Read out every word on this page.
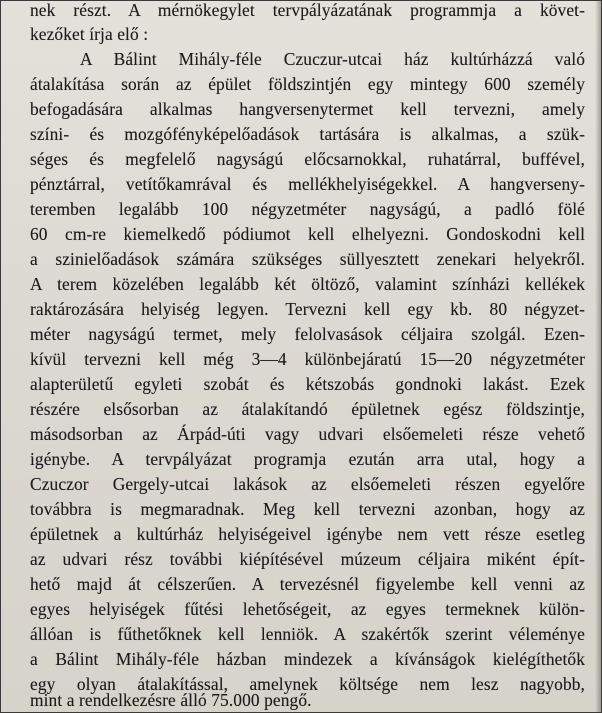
nek részt. A mérnökegylet tervpályázatának programmja a követ-
kezőket írja elő :
A Bálint Mihály-féle Czuczur-utcai ház kultúrházzá való
átalakítása során az épület földszintjén egy mintegy 600 személy
befogadására alkalmas hangversenytermet kell tervezni, amely
színi- és mozgófényképelőadások tartására is alkalmas, a szük-
séges és megfelelő nagyságú előcsarnokkal, ruhatárral, buffével,
pénztárral, vetítőkamrával és mellékhelyiségekkel. A hangverseny-
teremben legalább 100 négyzetméter nagyságú, a padló fölé
60 cm-re kiemelkedő pódiumot kell elhelyezni. Gondoskodni kell
a szinielőadások számára szükséges süllyesztett zenekari helyekről.
A terem közelében legalább két öltöző, valamint színházi kellékek
raktározására helyiség legyen. Tervezni kell egy kb. 80 négyzet-
méter nagyságú termet, mely felolvasások céljaira szolgál. Ezen-
kívül tervezni kell még 3—4 különbejáratú 15—20 négyzetméter
alapterületű egyleti szobát és kétszobás gondnoki lakást. Ezek
részére elsősorban az átalakítandó épületnek egész földszintje,
másodsorban az Árpád-úti vagy udvari elsőemeleti része vehető
igénybe. A tervpályázat programja ezután arra utal, hogy a
Czuczor Gergely-utcai lakások az elsőemeleti részen egyelőre
továbbra is megmaradnak. Meg kell tervezni azonban, hogy az
épületnek a kultúrház helyiségeivel igénybe nem vett része esetleg
az udvari rész további kiépítésével múzeum céljaira miként épít-
hető majd át célszerűen. A tervezésnél figyelembe kell venni az
egyes helyiségek fűtési lehetőségeit, az egyes termeknek külön-
állóan is fűthetőknek kell lenniök. A szakértők szerint véleménye
a Bálint Mihály-féle házban mindezek a kívánságok kielégíthetők
egy olyan átalakítással, amelynek költsége nem lesz nagyobb,
mint a rendelkezésre álló 75.000 pengő.
